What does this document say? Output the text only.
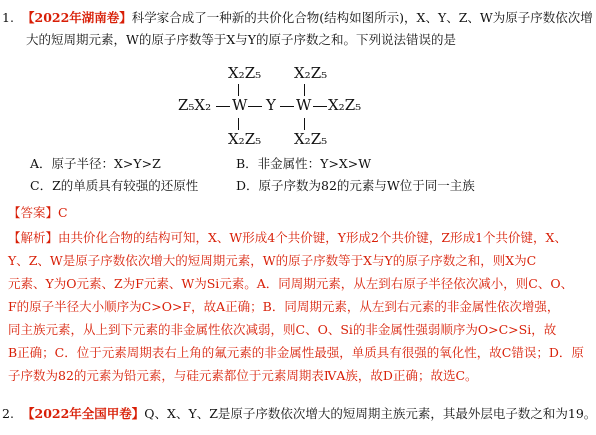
1. 【2022年湖南卷】科学家合成了一种新的共价化合物(结构如图所示)，X、Y、Z、W为原子序数依次增
大的短周期元素，W的原子序数等于X与Y的原子序数之和。下列说法错误的是
X₂Z₅ X₂Z₅
Z₅X₂ W Y W X₂Z₅
X₂Z₅ X₂Z₅
A．原子半径：X>Y>Z	B．非金属性：Y>X>W
C．Z的单质具有较强的还原性	D．原子序数为82的元素与W位于同一主族
【答案】C
【解析】由共价化合物的结构可知，X、W形成4个共价键，Y形成2个共价键，Z形成1个共价键，X、
Y、Z、W是原子序数依次增大的短周期元素，W的原子序数等于X与Y的原子序数之和，则X为C
元素、Y为O元素、Z为F元素、W为Si元素。A．同周期元素，从左到右原子半径依次减小，则C、O、
F的原子半径大小顺序为C>O>F，故A正确；B．同周期元素，从左到右元素的非金属性依次增强，
同主族元素，从上到下元素的非金属性依次减弱，则C、O、Si的非金属性强弱顺序为O>C>Si，故
B正确；C．位于元素周期表右上角的氟元素的非金属性最强，单质具有很强的氧化性，故C错误；D．原
子序数为82的元素为铅元素，与硅元素都位于元素周期表ⅣA族，故D正确；故选C。
2. 【2022年全国甲卷】Q、X、Y、Z是原子序数依次增大的短周期主族元素，其最外层电子数之和为19。
